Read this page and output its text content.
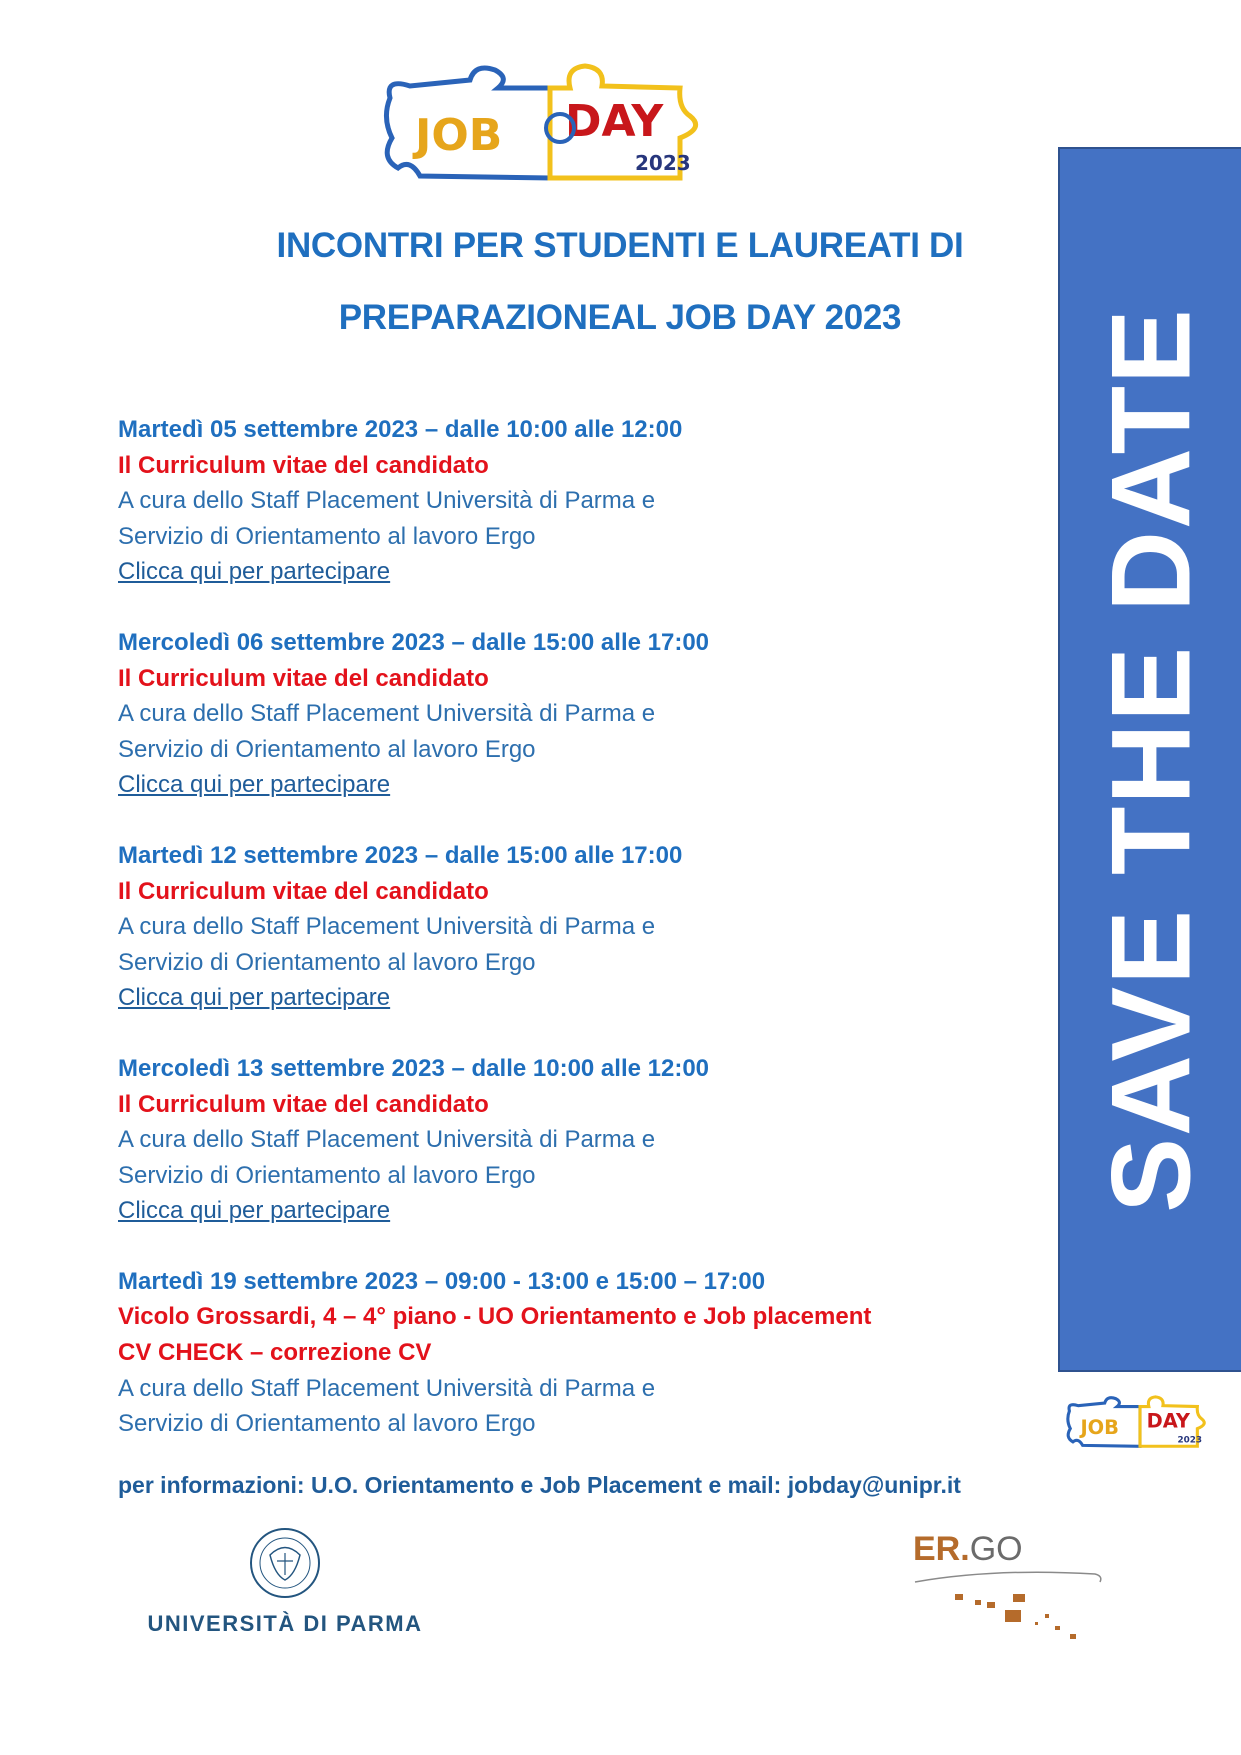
JOB DAY
2023
INCONTRI PER STUDENTI E LAUREATI DI
PREPARAZIONEAL JOB DAY 2023
Martedì 05 settembre 2023 – dalle 10:00 alle 12:00
Il Curriculum vitae del candidato
A cura dello Staff Placement Università di Parma e
Servizio di Orientamento al lavoro Ergo
Clicca qui per partecipare
Mercoledì 06 settembre 2023 – dalle 15:00 alle 17:00
Il Curriculum vitae del candidato
A cura dello Staff Placement Università di Parma e
Servizio di Orientamento al lavoro Ergo
Clicca qui per partecipare
Martedì 12 settembre 2023 – dalle 15:00 alle 17:00
Il Curriculum vitae del candidato
A cura dello Staff Placement Università di Parma e
Servizio di Orientamento al lavoro Ergo
Clicca qui per partecipare
Mercoledì 13 settembre 2023 – dalle 10:00 alle 12:00
Il Curriculum vitae del candidato
A cura dello Staff Placement Università di Parma e
Servizio di Orientamento al lavoro Ergo
Clicca qui per partecipare
Martedì 19 settembre 2023 – 09:00 - 13:00 e 15:00 – 17:00
Vicolo Grossardi, 4 – 4° piano - UO Orientamento e Job placement
CV CHECK – correzione CV
A cura dello Staff Placement Università di Parma e
Servizio di Orientamento al lavoro Ergo
per informazioni: U.O. Orientamento e Job Placement e mail: jobday@unipr.it
SAVE THE DATE
JOB DAY
2023
UNIVERSITÀ DI PARMA
ER.GO
